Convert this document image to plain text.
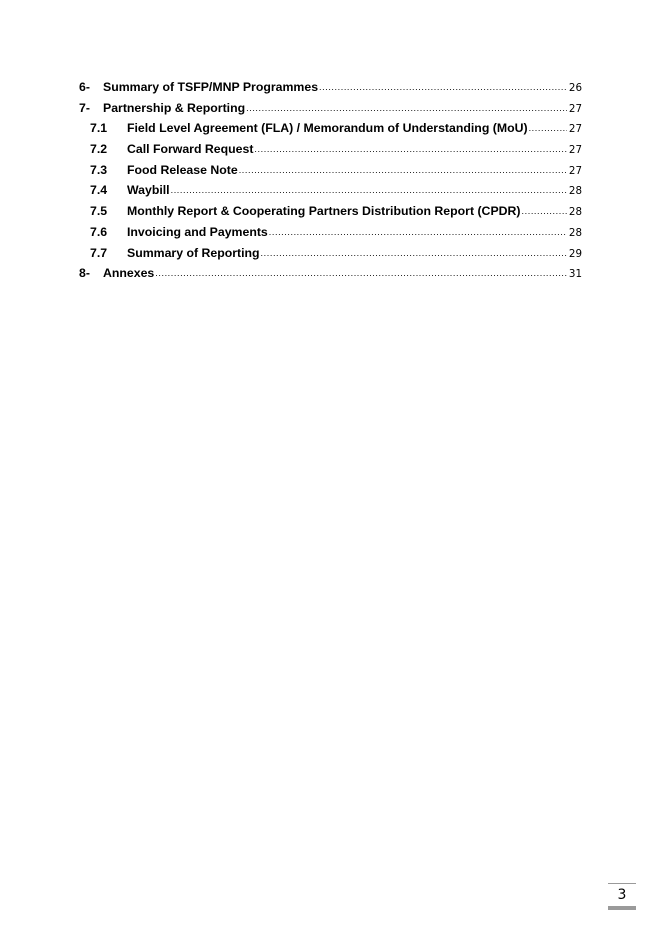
6-	Summary of TSFP/MNP Programmes .....	26
7-	Partnership & Reporting .....	27
7.1	Field Level Agreement (FLA) / Memorandum of Understanding (MoU) .....	27
7.2	Call Forward Request .....	27
7.3	Food Release Note .....	27
7.4	Waybill .....	28
7.5	Monthly Report & Cooperating Partners Distribution Report (CPDR) .....	28
7.6	Invoicing and Payments .....	28
7.7	Summary of Reporting .....	29
8-	Annexes .....	31
3
